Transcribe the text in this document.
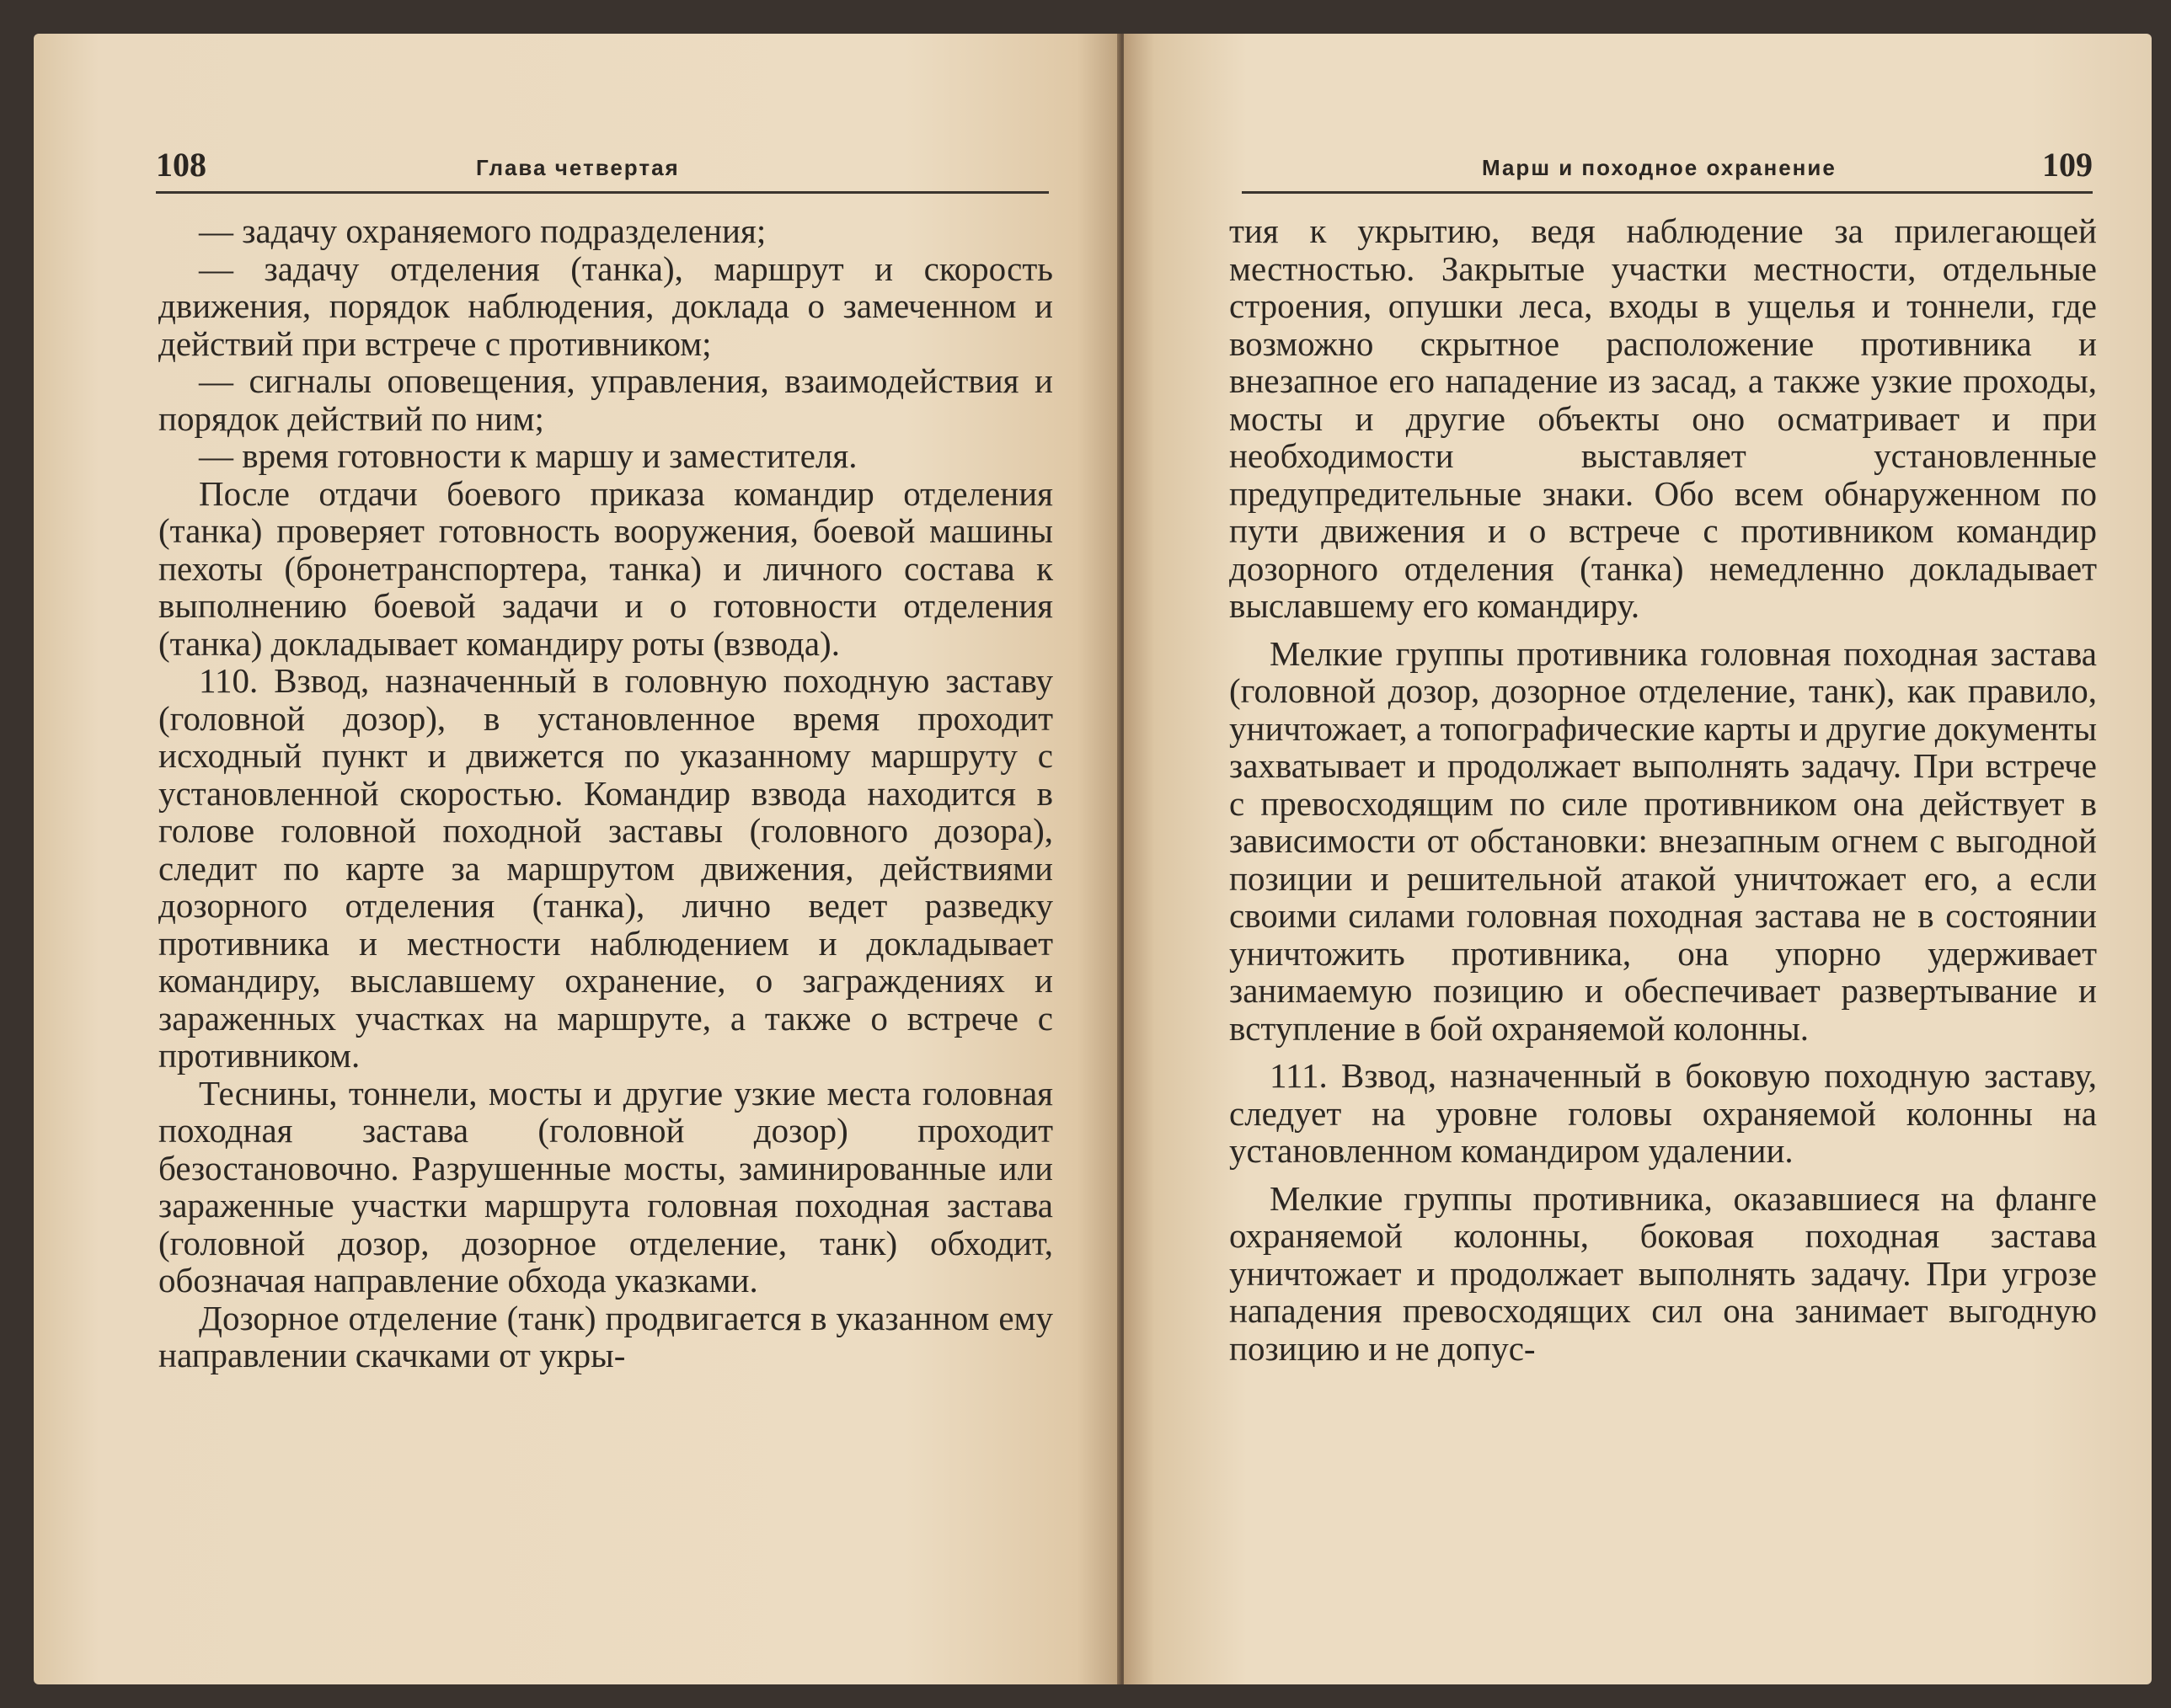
108	Глава четвертая

— задачу охраняемого подразделения;

— задачу отделения (танка), маршрут и скорость движения, порядок наблюдения, доклада о замеченном и действий при встрече с противником;

— сигналы оповещения, управления, взаимодействия и порядок действий по ним;

— время готовности к маршу и заместителя.

После отдачи боевого приказа командир отделения (танка) проверяет готовность вооружения, боевой машины пехоты (бронетранспортера, танка) и личного состава к выполнению боевой задачи и о готовности отделения (танка) докладывает командиру роты (взвода).

110. Взвод, назначенный в головную походную заставу (головной дозор), в установленное время проходит исходный пункт и движется по указанному маршруту с установленной скоростью. Командир взвода находится в голове головной походной заставы (головного дозора), следит по карте за маршрутом движения, действиями дозорного отделения (танка), лично ведет разведку противника и местности наблюдением и докладывает командиру, выславшему охранение, о заграждениях и зараженных участках на маршруте, а также о встрече с противником.

Теснины, тоннели, мосты и другие узкие места головная походная застава (головной дозор) проходит безостановочно. Разрушенные мосты, заминированные или зараженные участки маршрута головная походная застава (головной дозор, дозорное отделение, танк) обходит, обозначая направление обхода указками.

Дозорное отделение (танк) продвигается в указанном ему направлении скачками от укры-

Марш и походное охранение	109

тия к укрытию, ведя наблюдение за прилегающей местностью. Закрытые участки местности, отдельные строения, опушки леса, входы в ущелья и тоннели, где возможно скрытное расположение противника и внезапное его нападение из засад, а также узкие проходы, мосты и другие объекты оно осматривает и при необходимости выставляет установленные предупредительные знаки. Обо всем обнаруженном по пути движения и о встрече с противником командир дозорного отделения (танка) немедленно докладывает выславшему его командиру.

Мелкие группы противника головная походная застава (головной дозор, дозорное отделение, танк), как правило, уничтожает, а топографические карты и другие документы захватывает и продолжает выполнять задачу. При встрече с превосходящим по силе противником она действует в зависимости от обстановки: внезапным огнем с выгодной позиции и решительной атакой уничтожает его, а если своими силами головная походная застава не в состоянии уничтожить противника, она упорно удерживает занимаемую позицию и обеспечивает развертывание и вступление в бой охраняемой колонны.

111. Взвод, назначенный в боковую походную заставу, следует на уровне головы охраняемой колонны на установленном командиром удалении.

Мелкие группы противника, оказавшиеся на фланге охраняемой колонны, боковая походная застава уничтожает и продолжает выполнять задачу. При угрозе нападения превосходящих сил она занимает выгодную позицию и не допус-
